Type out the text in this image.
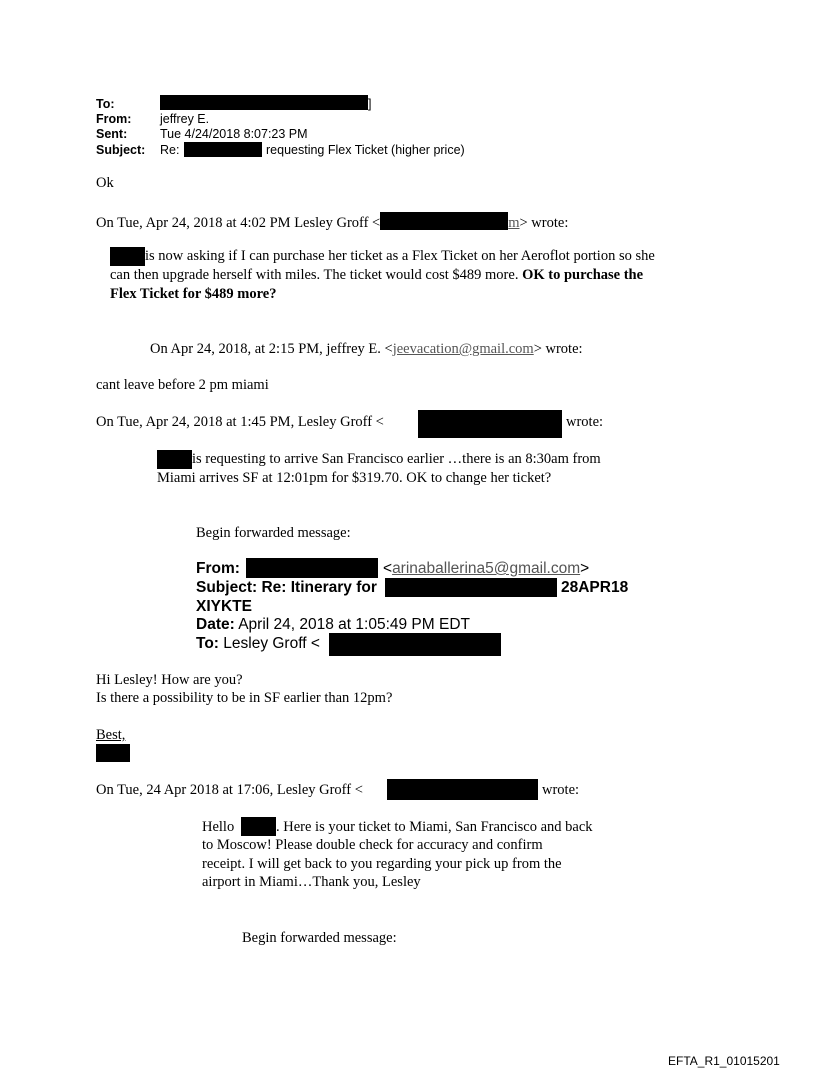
To:	]
From: jeffrey E.
Sent:	Tue 4/24/2018 8:07:23 PM
Subject: Re:	requesting Flex Ticket (higher price)
Ok
On Tue, Apr 24, 2018 at 4:02 PM Lesley Groff <	m> wrote:
is now asking if I can purchase her ticket as a Flex Ticket on her Aeroflot portion so she
can then upgrade herself with miles. The ticket would cost $489 more. OK to purchase the
Flex Ticket for $489 more?
On Apr 24, 2018, at 2:15 PM, jeffrey E. <jeevacation@gmail.com> wrote:
cant leave before 2 pm miami
On Tue, Apr 24, 2018 at 1:45 PM, Lesley Groff <	wrote:
is requesting to arrive San Francisco earlier …there is an 8:30am from
Miami arrives SF at 12:01pm for $319.70. OK to change her ticket?
Begin forwarded message:
From:	<arinaballerina5@gmail.com>
Subject: Re: Itinerary for	28APR18
XIYKTE
Date: April 24, 2018 at 1:05:49 PM EDT
To: Lesley Groff <
Hi Lesley! How are you?
Is there a possibility to be in SF earlier than 12pm?
Best,
On Tue, 24 Apr 2018 at 17:06, Lesley Groff <	wrote:
Hello	. Here is your ticket to Miami, San Francisco and back
to Moscow! Please double check for accuracy and confirm
receipt. I will get back to you regarding your pick up from the
airport in Miami…Thank you, Lesley
Begin forwarded message:
EFTA_R1_01015201
